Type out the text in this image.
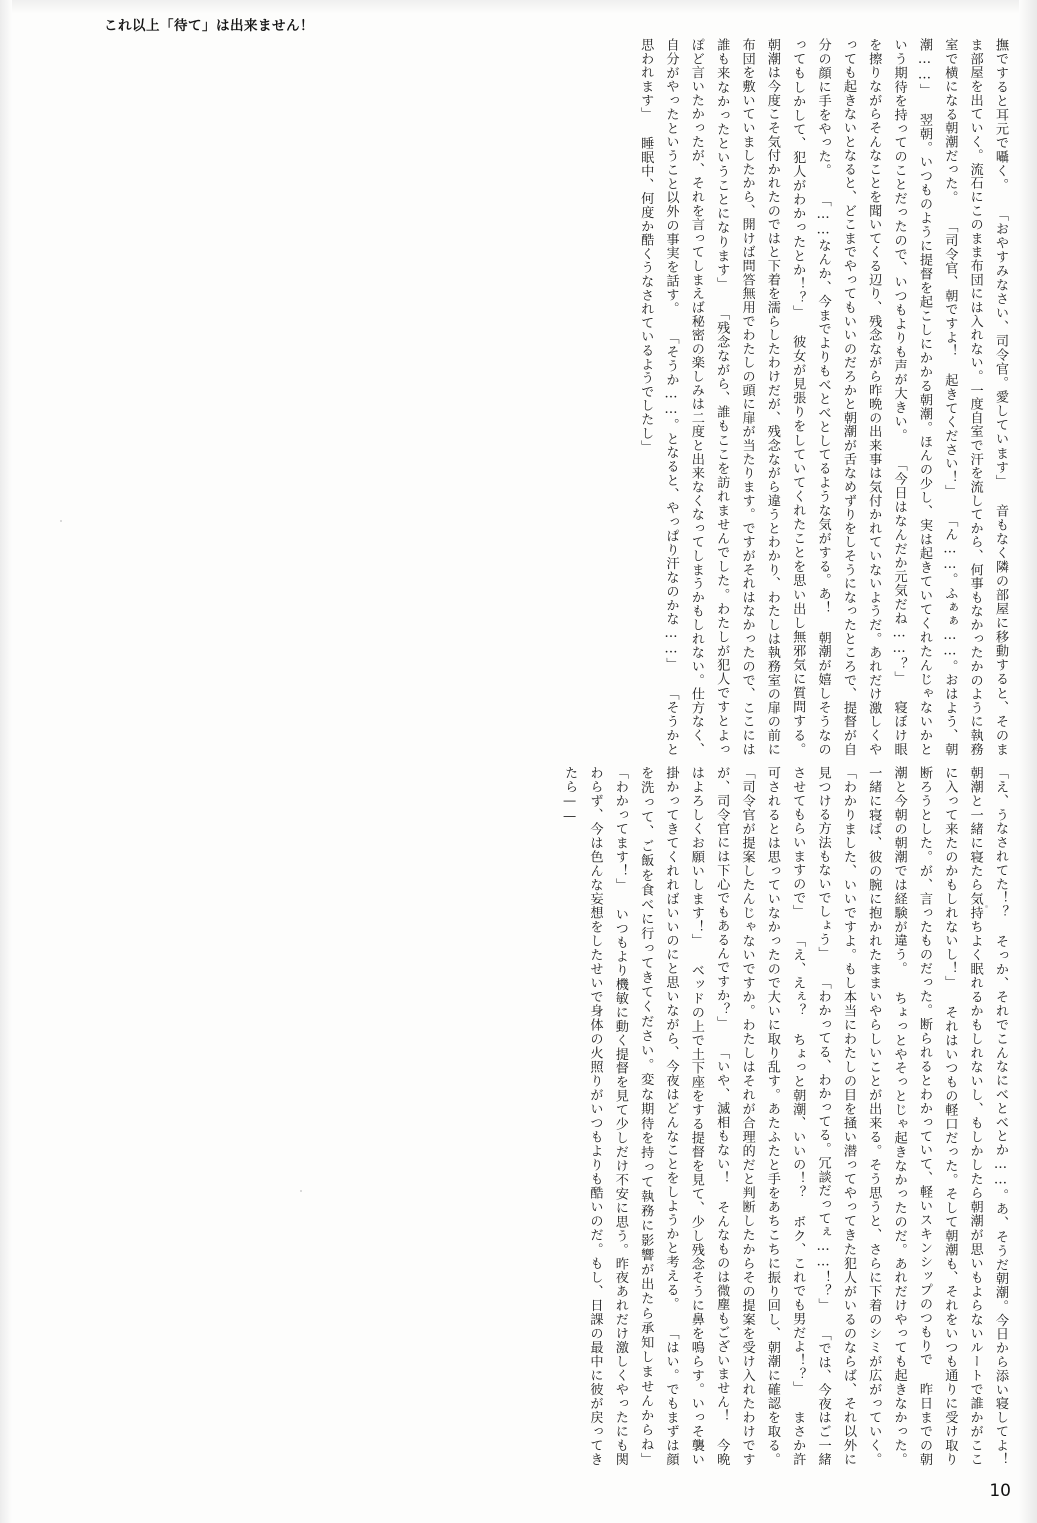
これ以上「待て」は出来ません！
撫ですると耳元で囁く。 「おやすみなさい、司令官。愛しています」 音もなく隣の部屋に移動すると、そのまま部屋を出ていく。流石にこのまま布団には入れない。一度自室で汗を流してから、何事もなかったかのように執務室で横になる朝潮だった。 「司令官、朝ですよ！ 起きてください！」 「ん……。ふぁぁ……。おはよう、朝潮……」 翌朝。いつものように提督を起こしにかかる朝潮。ほんの少し、実は起きていてくれたんじゃないかという期待を持ってのことだったので、いつもよりも声が大きい。 「今日はなんだか元気だね……？」 寝ぼけ眼を擦りながらそんなことを聞いてくる辺り、残念ながら昨晩の出来事は気付かれていないようだ。あれだけ激しくやっても起きないとなると、どこまでやってもいいのだろかと朝潮が舌なめずりをしそうになったところで、提督が自分の顔に手をやった。 「……なんか、今までよりもべとべとしてるような気がする。あ！ 朝潮が嬉しそうなのってもしかして、犯人がわかったとか！？」 彼女が見張りをしていてくれたことを思い出し無邪気に質問する。朝潮は今度こそ気付かれたのではと下着を濡らしたわけだが、残念ながら違うとわかり、わたしは執務室の扉の前に布団を敷いていましたから、開けば問答無用でわたしの頭に扉が当たります。ですがそれはなかったので、ここには誰も来なかったということになります」 「残念ながら、誰もここを訪れませんでした。わたしが犯人ですとよっぽど言いたかったが、それを言ってしまえば秘密の楽しみは二度と出来なくなってしまうかもしれない。仕方なく、自分がやったということ以外の事実を話す。 「そうか……。となると、やっぱり汗なのかな……」 「そうかと思われます」 睡眠中、何度か酷くうなされているようでしたし」
「え、うなされてた！？ そっか、それでこんなにべとべとか……。あ、そうだ朝潮。今日から添い寝してよ！ 朝潮と一緒に寝たら気持ちよく眠れるかもしれないし、もしかしたら朝潮が思いもよらないルートで誰かがここに入って来たのかもしれないし！」 それはいつもの軽口だった。そして朝潮も、それをいつも通りに受け取り断ろうとした。が、言ったものだった。断られるとわかっていて、軽いスキンシップのつもりで 昨日までの朝潮と今朝の朝潮では経験が違う。 ちょっとやそっとじゃ起きなかったのだ。あれだけやっても起きなかった。一緒に寝ば、彼の腕に抱かれたままいやらしいことが出来る。そう思うと、さらに下着のシミが広がっていく。 「わかりました、いいですよ。もし本当にわたしの目を掻い潜ってやってきた犯人がいるのならば、それ以外に見つける方法もないでしょう」 「わかってる、わかってる。冗談だってぇ……！？」 「では、今夜はご一緒させてもらいますので」 「え、えぇ？ ちょっと朝潮、いいの！？ ボク、これでも男だよ！？」 まさか許可されるとは思っていなかったので大いに取り乱す。あたふたと手をあちこちに振り回し、朝潮に確認を取る。 「司令官が提案したんじゃないですか。わたしはそれが合理的だと判断したからその提案を受け入れたわけですが、司令官には下心でもあるんですか？」 「いや、滅相もない！ そんなものは微塵もございません！ 今晩はよろしくお願いします！」 ベッドの上で土下座をする提督を見て、少し残念そうに鼻を鳴らす。いっそ襲い掛かってきてくれればいいのにと思いながら、今夜はどんなことをしようかと考える。 「はい。でもまずは顔を洗って、ご飯を食べに行ってきてください。変な期待を持って執務に影響が出たら承知しませんからね」 「わかってます！」 いつもより機敏に動く提督を見て少しだけ不安に思う。昨夜あれだけ激しくやったにも関わらず、今は色んな妄想をしたせいで身体の火照りがいつもよりも酷いのだ。もし、日課の最中に彼が戻ってきたら——
10
